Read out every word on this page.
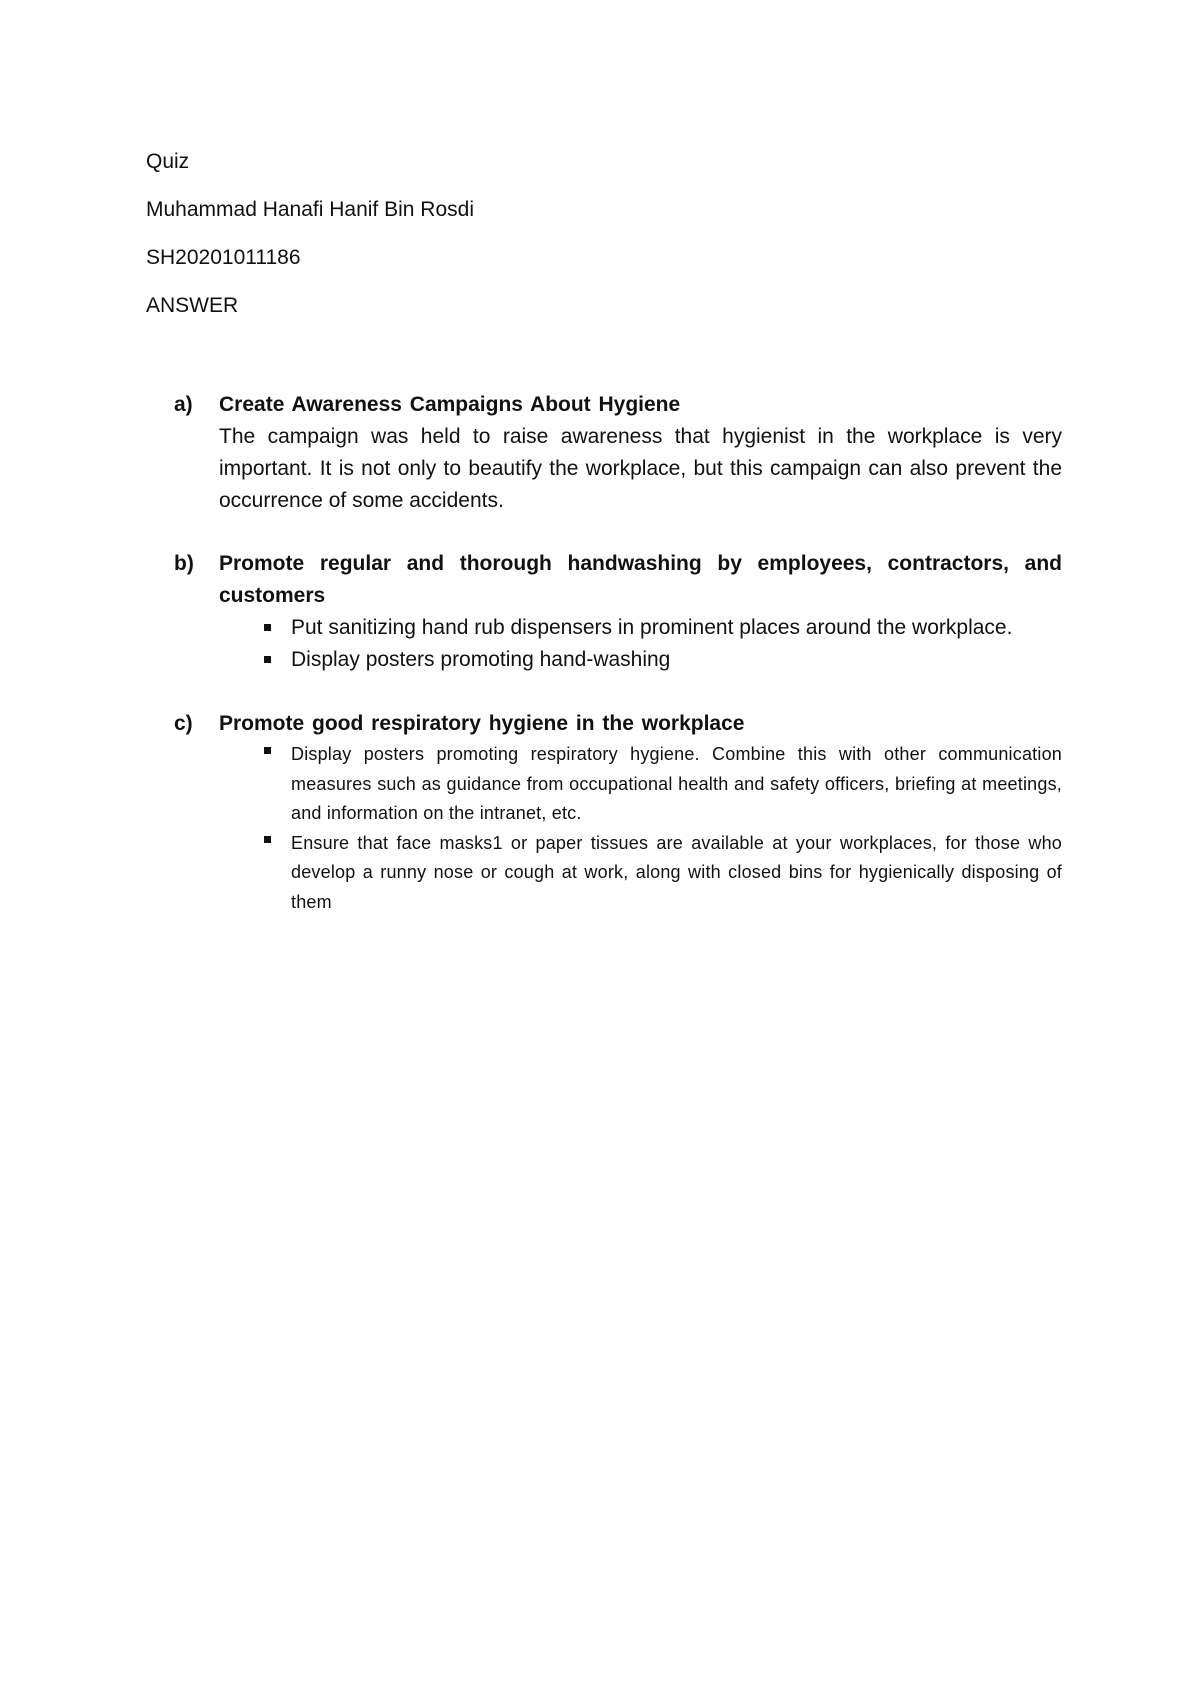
Quiz
Muhammad Hanafi Hanif Bin Rosdi
SH20201011186
ANSWER
a) Create Awareness Campaigns About Hygiene
The campaign was held to raise awareness that hygienist in the workplace is very important. It is not only to beautify the workplace, but this campaign can also prevent the occurrence of some accidents.
b) Promote regular and thorough handwashing by employees, contractors, and customers
Put sanitizing hand rub dispensers in prominent places around the workplace.
Display posters promoting hand-washing
c) Promote good respiratory hygiene in the workplace
Display posters promoting respiratory hygiene. Combine this with other communication measures such as guidance from occupational health and safety officers, briefing at meetings, and information on the intranet, etc.
Ensure that face masks1 or paper tissues are available at your workplaces, for those who develop a runny nose or cough at work, along with closed bins for hygienically disposing of them
